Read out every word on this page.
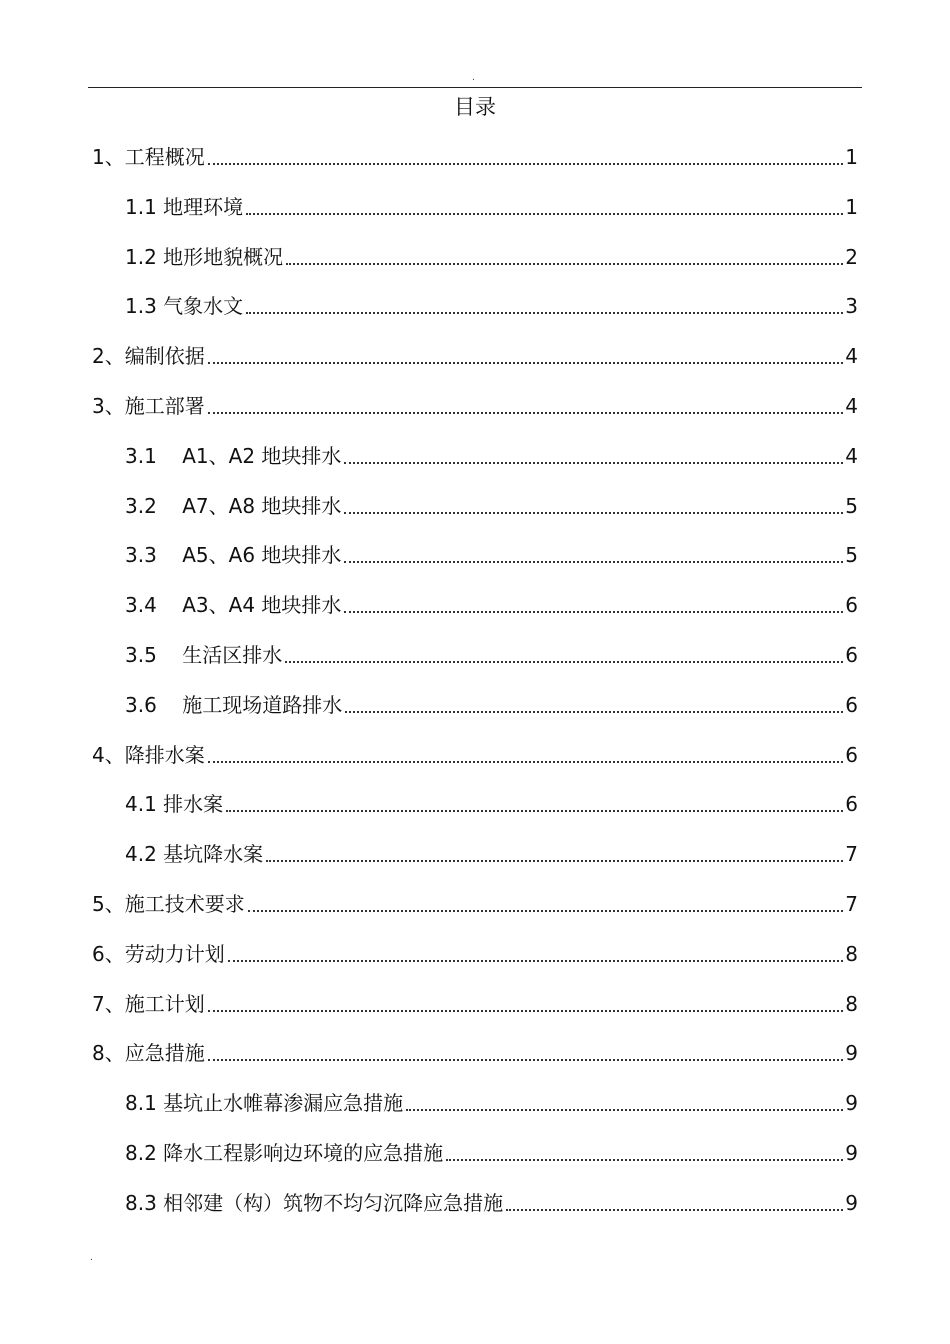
.
目录
1、工程概况	1
1.1 地理环境	1
1.2 地形地貌概况	2
1.3 气象水文	3
2、编制依据	4
3、施工部署	4
3.1    A1、A2 地块排水	4
3.2    A7、A8 地块排水	5
3.3    A5、A6 地块排水	5
3.4    A3、A4 地块排水	6
3.5    生活区排水	6
3.6    施工现场道路排水	6
4、降排水案	6
4.1 排水案	6
4.2 基坑降水案	7
5、施工技术要求	7
6、劳动力计划	8
7、施工计划	8
8、应急措施	9
8.1 基坑止水帷幕渗漏应急措施	9
8.2 降水工程影响边环境的应急措施	9
8.3 相邻建（构）筑物不均匀沉降应急措施	9
.
